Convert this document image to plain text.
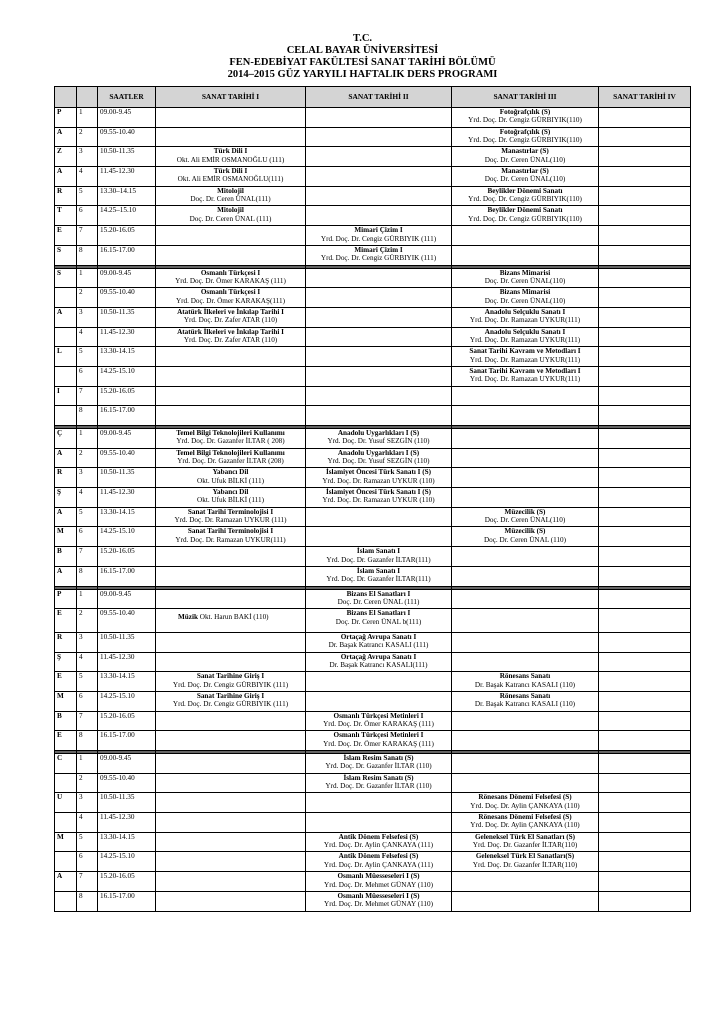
T.C.
CELAL BAYAR ÜNİVERSİTESİ
FEN-EDEBİYAT FAKÜLTESİ SANAT TARİHİ BÖLÜMÜ
2014–2015 GÜZ YARYILI HAFTALIK DERS PROGRAMI
		SAATLER	SANAT TARİHİ I	SANAT TARİHİ II	SANAT TARİHİ III	SANAT TARİHİ IV
P	1	09.00-9.45			Fotoğrafçılık (S)
Yrd. Doç. Dr. Cengiz GÜRBIYIK(110)	

A	2	09.55-10.40			Fotoğrafçılık (S)
Yrd. Doç. Dr. Cengiz GÜRBIYIK(110)	

Z	3	10.50-11.35	Türk Dili I
Okt. Ali EMİR OSMANOĞLU (111)		Manastırlar (S)
Doç. Dr. Ceren ÜNAL(110)	

A	4	11.45-12.30	Türk Dili I
Okt. Ali EMİR OSMANOĞLU(111)		Manastırlar (S)
Doç. Dr. Ceren ÜNAL(110)	

R	5	13.30–14.15	Mitolojil
Doç. Dr. Ceren ÜNAL(111)		Beylikler Dönemi Sanatı
Yrd. Doç. Dr. Cengiz GÜRBIYIK(110)	

T	6	14.25–15.10	Mitolojil
Doç. Dr. Ceren ÜNAL (111)		Beylikler Dönemi Sanatı
Yrd. Doç. Dr. Cengiz GÜRBIYIK(110)	

E	7	15.20-16.05		Mimari Çizim I
Yrd. Doç. Dr. Cengiz GÜRBIYIK (111)		

S	8	16.15-17.00		Mimari Çizim I
Yrd. Doç. Dr. Cengiz GÜRBIYIK (111)		

S	1	09.00-9.45	Osmanlı Türkçesi I
Yrd. Doç. Dr. Ömer KARAKAŞ (111)		Bizans Mimarisi
Doç. Dr. Ceren ÜNAL(110)	

	2	09.55-10.40	Osmanlı Türkçesi I
Yrd. Doç. Dr. Ömer KARAKAŞ(111)		Bizans Mimarisi
Doç. Dr. Ceren ÜNAL(110)	

A	3	10.50-11.35	Atatürk İlkeleri ve İnkılap Tarihi I
Yrd. Doç. Dr. Zafer ATAR (110)		Anadolu Selçuklu Sanatı I
Yrd. Doç. Dr. Ramazan UYKUR(111)	

	4	11.45-12.30	Atatürk İlkeleri ve İnkılap Tarihi I
Yrd. Doç. Dr. Zafer ATAR (110)		Anadolu Selçuklu Sanatı I
Yrd. Doç. Dr. Ramazan UYKUR(111)	

L	5	13.30-14.15			Sanat Tarihi Kavram ve Metodları I
Yrd. Doç. Dr. Ramazan UYKUR(111)	

	6	14.25-15.10			Sanat Tarihi Kavram ve Metodları I
Yrd. Doç. Dr. Ramazan UYKUR(111)	

I	7	15.20-16.05				
	8	16.15-17.00				

Ç	1	09.00-9.45	Temel Bilgi Teknolojileri Kullanımı
Yrd. Doç. Dr. Gazanfer İLTAR ( 208)	Anadolu Uygarlıkları I (S)
Yrd. Doç. Dr. Yusuf SEZGİN (110)		

A	2	09.55-10.40	Temel Bilgi Teknolojileri Kullanımı
Yrd. Doç. Dr. Gazanfer İLTAR (208)	Anadolu Uygarlıkları I (S)
Yrd. Doç. Dr. Yusuf SEZGİN (110)		

R	3	10.50-11.35	Yabancı Dil
Okt. Ufuk BİLKİ (111)	İslamiyet Öncesi Türk Sanatı I (S)
Yrd. Doç. Dr. Ramazan UYKUR (110)		

Ş	4	11.45-12.30	Yabancı Dil
Okt. Ufuk BİLKİ (111)	İslamiyet Öncesi Türk Sanatı I (S)
Yrd. Doç. Dr. Ramazan UYKUR (110)		

A	5	13.30-14.15	Sanat Tarihi Terminolojisi I
Yrd. Doç. Dr. Ramazan UYKUR (111)		Müzecilik (S)
Doç. Dr. Ceren ÜNAL(110)	

M	6	14.25-15.10	Sanat Tarihi Terminolojisi I
Yrd. Doç. Dr. Ramazan UYKUR(111)		Müzecilik (S)
Doç. Dr. Ceren ÜNAL (110)	

B	7	15.20-16.05		İslam Sanatı I
Yrd. Doç. Dr. Gazanfer İLTAR(111)		

A	8	16.15-17.00		İslam Sanatı I
Yrd. Doç. Dr. Gazanfer İLTAR(111)		

P	1	09.00-9.45		Bizans El Sanatları I
Doç. Dr. Ceren ÜNAL (111)		

E	2	09.55-10.40	Müzik Okt. Harun BAKİ (110)	Bizans El Sanatları I
Doç. Dr. Ceren ÜNAL b(111)		

R	3	10.50-11.35		Ortaçağ Avrupa Sanatı I
Dr. Başak Katrancı KASALI (111)		

Ş	4	11.45-12.30		Ortaçağ Avrupa Sanatı I
Dr. Başak Katrancı KASALI(111)		

E	5	13.30-14.15	Sanat Tarihine Giriş I
Yrd. Doç. Dr. Cengiz GÜRBIYIK (111)		Rönesans Sanatı
Dr. Başak Katrancı KASALI (110)	

M	6	14.25-15.10	Sanat Tarihine Giriş I
Yrd. Doç. Dr. Cengiz GÜRBIYIK (111)		Rönesans Sanatı
Dr. Başak Katrancı KASALI (110)	

B	7	15.20-16.05		Osmanlı Türkçesi Metinleri I
Yrd. Doç. Dr. Ömer KARAKAŞ (111)		

E	8	16.15-17.00		Osmanlı Türkçesi Metinleri I
Yrd. Doç. Dr. Ömer KARAKAŞ (111)		

C	1	09.00-9.45		İslam Resim Sanatı (S)
Yrd. Doç. Dr. Gazanfer İLTAR (110)		

	2	09.55-10.40		İslam Resim Sanatı (S)
Yrd. Doç. Dr. Gazanfer İLTAR (110)		

U	3	10.50-11.35			Rönesans Dönemi Felsefesi (S)
Yrd. Doç. Dr. Aylin ÇANKAYA (110)	

	4	11.45-12.30			Rönesans Dönemi Felsefesi (S)
Yrd. Doç. Dr. Aylin ÇANKAYA (110)	

M	5	13.30-14.15		Antik Dönem Felsefesi (S)
Yrd. Doç. Dr. Aylin ÇANKAYA (111)	Geleneksel Türk El Sanatları (S)
Yrd. Doç. Dr. Gazanfer İLTAR(110)	

	6	14.25-15.10		Antik Dönem Felsefesi (S)
Yrd. Doç. Dr. Aylin ÇANKAYA (111)	Geleneksel Türk El Sanatları(S)
Yrd. Doç. Dr. Gazanfer İLTAR(110)	

A	7	15.20-16.05		Osmanlı Müesseseleri I (S)
Yrd. Doç. Dr. Mehmet GÜNAY (110)		

	8	16.15-17.00		Osmanlı Müesseseleri I (S)
Yrd. Doç. Dr. Mehmet GÜNAY (110)		
